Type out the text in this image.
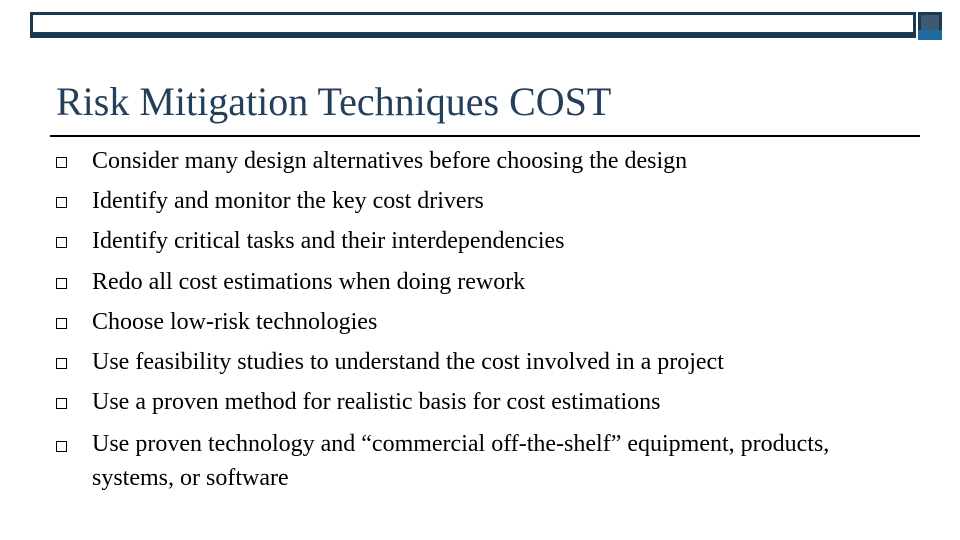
Risk Mitigation Techniques COST
Consider many design alternatives before choosing the design
Identify and monitor the key cost drivers
Identify critical tasks and their interdependencies
Redo all cost estimations when doing rework
Choose low-risk technologies
Use feasibility studies to understand the cost involved in a project
Use a proven method for realistic basis for cost estimations
Use proven technology and “commercial off-the-shelf” equipment, products, systems, or software
